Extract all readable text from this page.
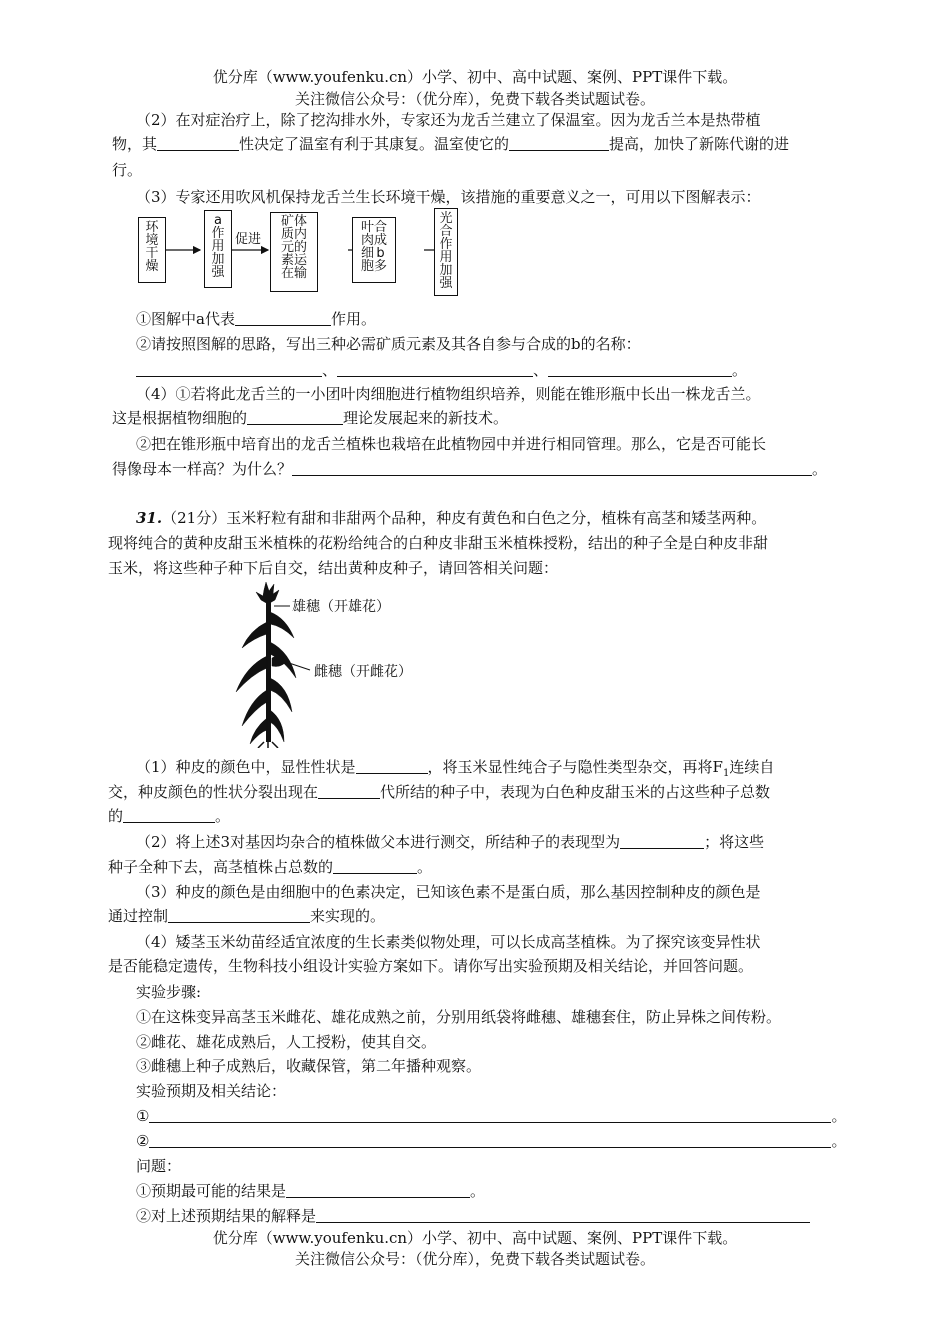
优分库（www.youfenku.cn）小学、初中、高中试题、案例、PPT课件下载。
关注微信公众号：（优分库），免费下载各类试题试卷。
（2）在对症治疗上，除了挖沟排水外，专家还为龙舌兰建立了保温室。因为龙舌兰本是热带植
物，其	性决定了温室有利于其康复。温室使它的	提高，加快了新陈代谢的进
行。
（3）专家还用吹风机保持龙舌兰生长环境干燥，该措施的重要意义之一，可用以下图解表示：
环境干燥
a作用加强
促进
矿质元素在体内的运输
叶肉细胞合成b多
光合作用加强
①图解中a代表	作用。
②请按照图解的思路，写出三种必需矿质元素及其各自参与合成的b的名称：
、	、	。
（4）①若将此龙舌兰的一小团叶肉细胞进行植物组织培养，则能在锥形瓶中长出一株龙舌兰。
这是根据植物细胞的	理论发展起来的新技术。
②把在锥形瓶中培育出的龙舌兰植株也栽培在此植物园中并进行相同管理。那么，它是否可能长
得像母本一样高？为什么？	。
31.（21分）玉米籽粒有甜和非甜两个品种，种皮有黄色和白色之分，植株有高茎和矮茎两种。
现将纯合的黄种皮甜玉米植株的花粉给纯合的白种皮非甜玉米植株授粉，结出的种子全是白种皮非甜
玉米，将这些种子种下后自交，结出黄种皮种子，请回答相关问题：
雄穗（开雄花）
雌穗（开雌花）
（1）种皮的颜色中，显性性状是	，将玉米显性纯合子与隐性类型杂交，再将$F_1$连续自
交，种皮颜色的性状分裂出现在	代所结的种子中，表现为白色种皮甜玉米的占这些种子总数
的	。
（2）将上述3对基因均杂合的植株做父本进行测交，所结种子的表现型为	；将这些
种子全种下去，高茎植株占总数的	。
（3）种皮的颜色是由细胞中的色素决定，已知该色素不是蛋白质，那么基因控制种皮的颜色是
通过控制	来实现的。
（4）矮茎玉米幼苗经适宜浓度的生长素类似物处理，可以长成高茎植株。为了探究该变异性状
是否能稳定遗传，生物科技小组设计实验方案如下。请你写出实验预期及相关结论，并回答问题。
实验步骤:
①在这株变异高茎玉米雌花、雄花成熟之前，分别用纸袋将雌穗、雄穗套住，防止异株之间传粉。
②雌花、雄花成熟后，人工授粉，使其自交。
③雌穗上种子成熟后，收藏保管，第二年播种观察。
实验预期及相关结论：
①	。
②	。
问题：
①预期最可能的结果是	。
②对上述预期结果的解释是
优分库（www.youfenku.cn）小学、初中、高中试题、案例、PPT课件下载。
关注微信公众号：（优分库），免费下载各类试题试卷。
